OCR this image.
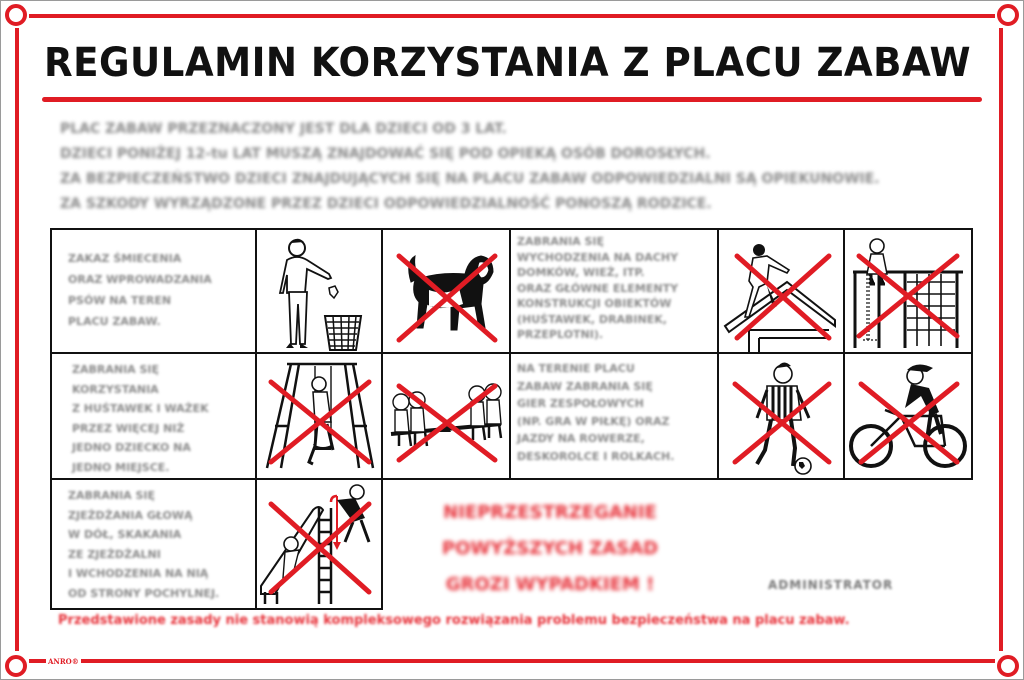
REGULAMIN KORZYSTANIA Z PLACU ZABAW
PLAC ZABAW PRZEZNACZONY JEST DLA DZIECI OD 3 LAT.
DZIECI PONIŻEJ 12-tu LAT MUSZĄ ZNAJDOWAĆ SIĘ POD OPIEKĄ OSÓB DOROSŁYCH.
ZA BEZPIECZEŃSTWO DZIECI ZNAJDUJĄCYCH SIĘ NA PLACU ZABAW ODPOWIEDZIALNI SĄ OPIEKUNOWIE.
ZA SZKODY WYRZĄDZONE PRZEZ DZIECI ODPOWIEDZIALNOŚĆ PONOSZĄ RODZICE.
ZAKAZ ŚMIECENIA
ORAZ WPROWADZANIA
PSÓW NA TEREN
PLACU ZABAW.
ZABRANIA SIĘ
WYCHODZENIA NA DACHY
DOMKÓW, WIEŻ, ITP.
ORAZ GŁÓWNE ELEMENTY
KONSTRUKCJI OBIEKTÓW
(HUŚTAWEK, DRABINEK,
PRZEPLOTNI).
ZABRANIA SIĘ
KORZYSTANIA
Z HUŚTAWEK I WAŻEK
PRZEZ WIĘCEJ NIŻ
JEDNO DZIECKO NA
JEDNO MIEJSCE.
NA TERENIE PLACU
ZABAW ZABRANIA SIĘ
GIER ZESPOŁOWYCH
(NP. GRA W PIŁKĘ) ORAZ
JAZDY NA ROWERZE,
DESKOROLCE I ROLKACH.
ZABRANIA SIĘ
ZJEŻDŻANIA GŁOWĄ
W DÓŁ, SKAKANIA
ZE ZJEŻDŻALNI
I WCHODZENIA NA NIĄ
OD STRONY POCHYLNEJ.
NIEPRZESTRZEGANIE
POWYŻSZYCH ZASAD
GROZI WYPADKIEM !	ADMINISTRATOR
Przedstawione zasady nie stanowią kompleksowego rozwiązania problemu bezpieczeństwa na placu zabaw.
ANRO®
